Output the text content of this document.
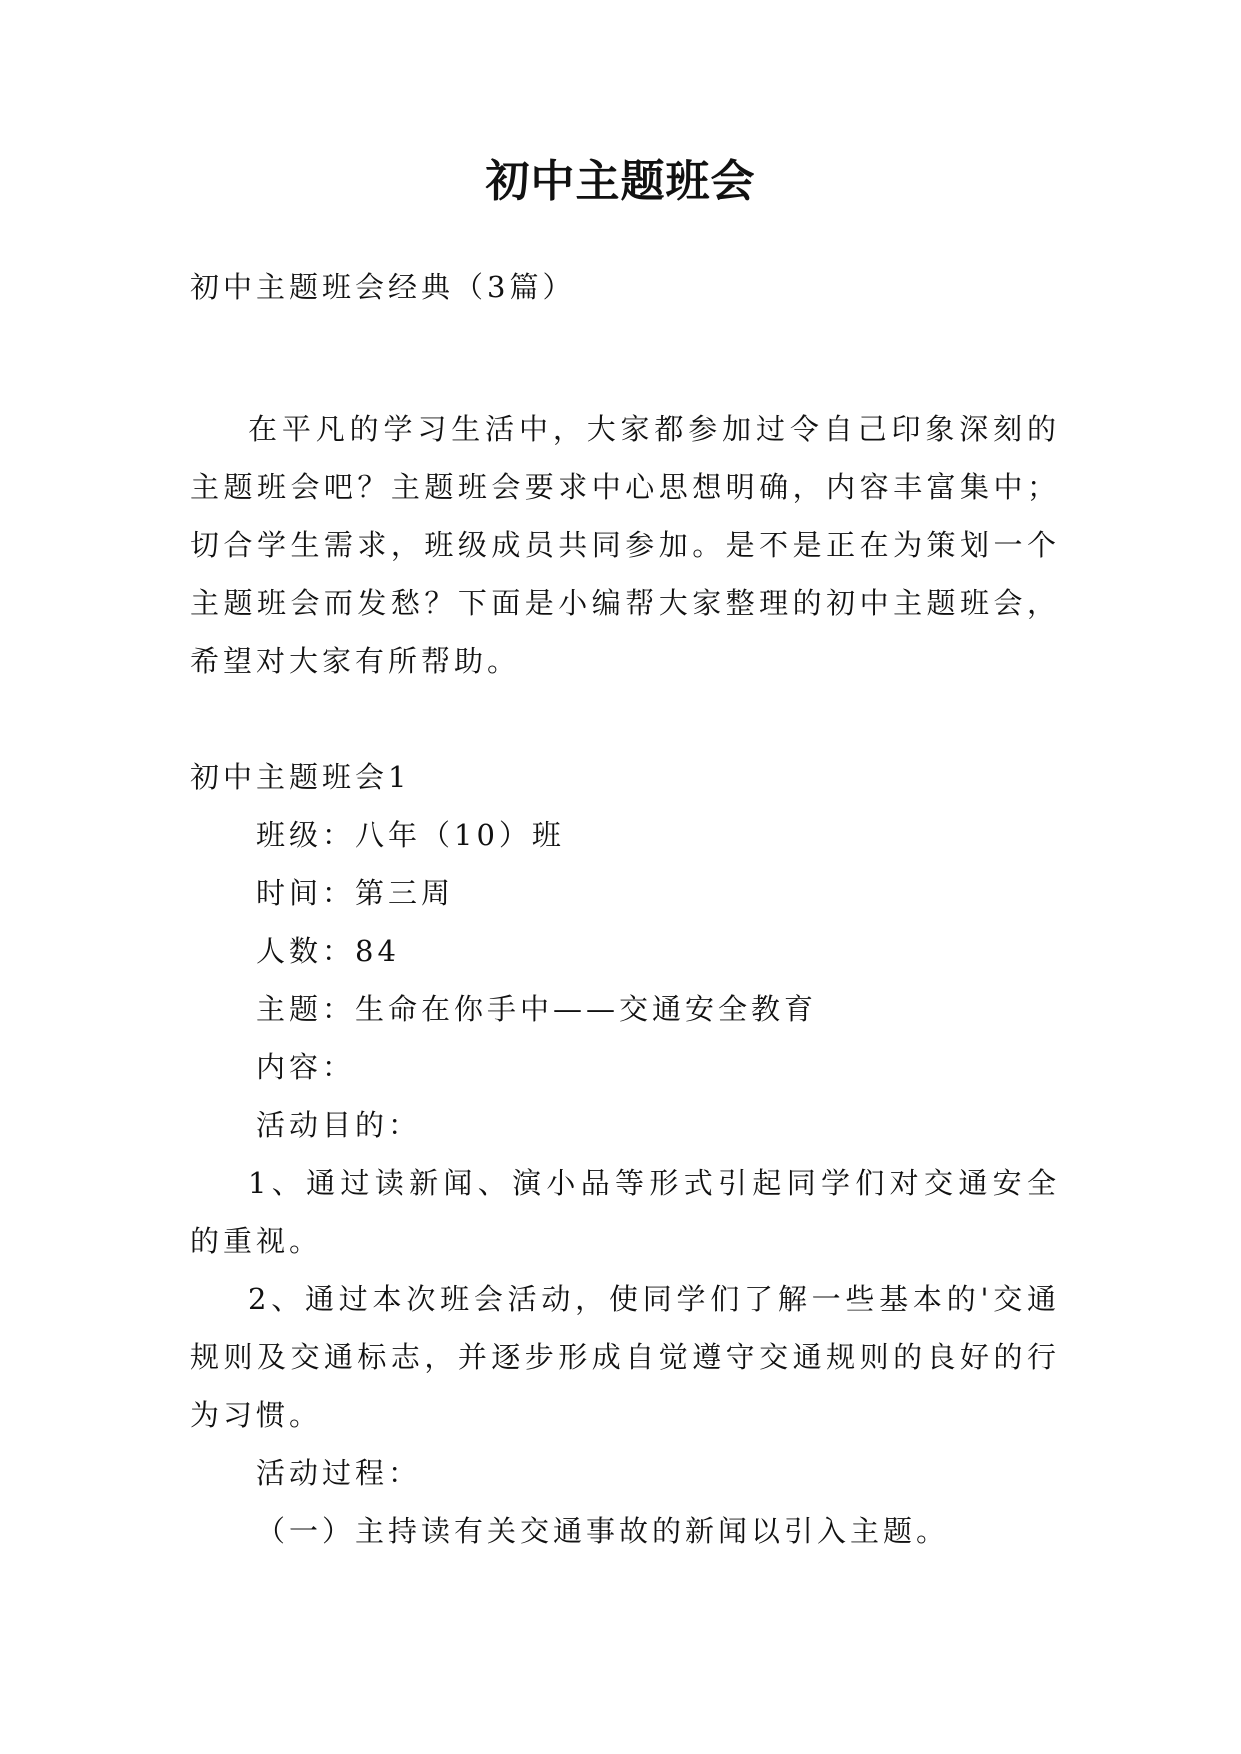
初中主题班会

初中主题班会经典（3篇）

在平凡的学习生活中，大家都参加过令自己印象深刻的主题班会吧？主题班会要求中心思想明确，内容丰富集中；切合学生需求，班级成员共同参加。是不是正在为策划一个主题班会而发愁？下面是小编帮大家整理的初中主题班会，希望对大家有所帮助。

初中主题班会1

班级：八年（10）班

时间：第三周

人数：84

主题：生命在你手中——交通安全教育

内容：

活动目的：

1、通过读新闻、演小品等形式引起同学们对交通安全的重视。

2、通过本次班会活动，使同学们了解一些基本的'交通规则及交通标志，并逐步形成自觉遵守交通规则的良好的行为习惯。

活动过程：

（一）主持读有关交通事故的新闻以引入主题。
